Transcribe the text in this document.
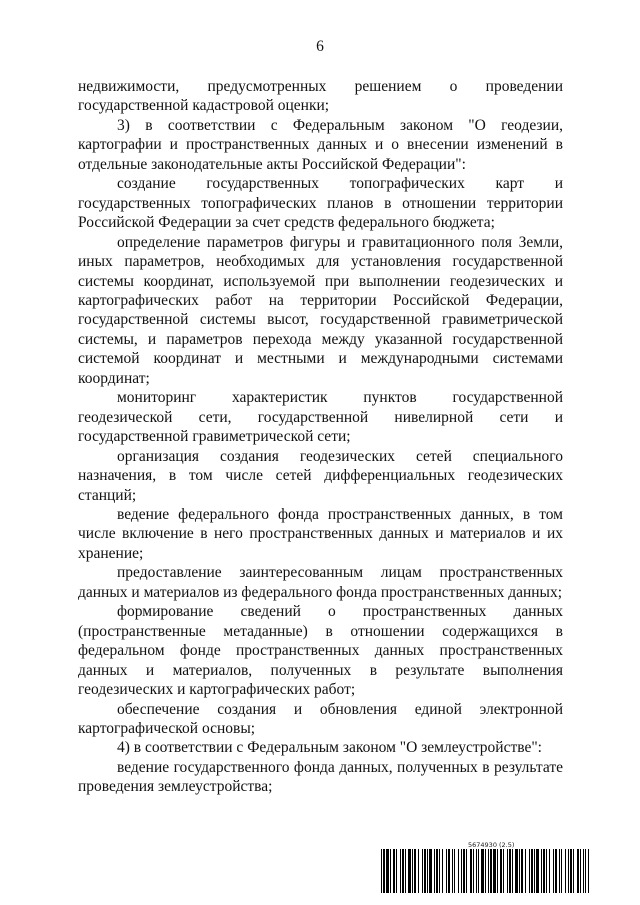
6

недвижимости, предусмотренных решением о проведении государственной кадастровой оценки;

3) в соответствии с Федеральным законом "О геодезии, картографии и пространственных данных и о внесении изменений в отдельные законодательные акты Российской Федерации":

создание государственных топографических карт и государственных топографических планов в отношении территории Российской Федерации за счет средств федерального бюджета;

определение параметров фигуры и гравитационного поля Земли, иных параметров, необходимых для установления государственной системы координат, используемой при выполнении геодезических и картографических работ на территории Российской Федерации, государственной системы высот, государственной гравиметрической системы, и параметров перехода между указанной государственной системой координат и местными и международными системами координат;

мониторинг характеристик пунктов государственной геодезической сети, государственной нивелирной сети и государственной гравиметрической сети;

организация создания геодезических сетей специального назначения, в том числе сетей дифференциальных геодезических станций;

ведение федерального фонда пространственных данных, в том числе включение в него пространственных данных и материалов и их хранение;

предоставление заинтересованным лицам пространственных данных и материалов из федерального фонда пространственных данных;

формирование сведений о пространственных данных (пространственные метаданные) в отношении содержащихся в федеральном фонде пространственных данных пространственных данных и материалов, полученных в результате выполнения геодезических и картографических работ;

обеспечение создания и обновления единой электронной картографической основы;

4) в соответствии с Федеральным законом "О землеустройстве":

ведение государственного фонда данных, полученных в результате проведения землеустройства;

5674930 (2.5)
